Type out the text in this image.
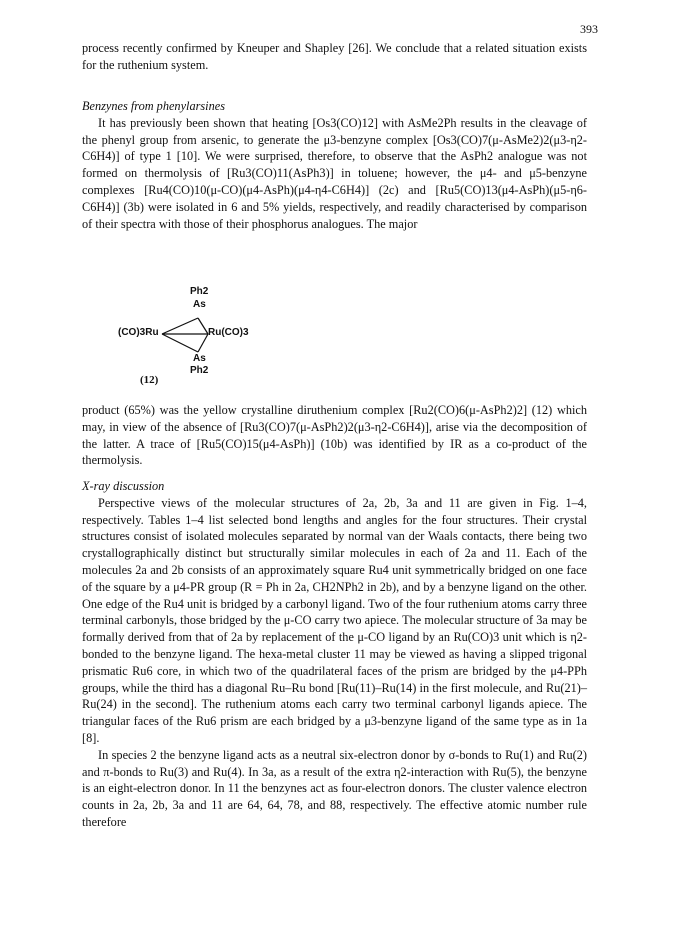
393

process recently confirmed by Kneuper and Shapley [26]. We conclude that a related situation exists for the ruthenium system.

Benzynes from phenylarsines

It has previously been shown that heating [Os3(CO)12] with AsMe2Ph results in the cleavage of the phenyl group from arsenic, to generate the μ3-benzyne complex [Os3(CO)7(μ-AsMe2)2(μ3-η2-C6H4)] of type 1 [10]. We were surprised, therefore, to observe that the AsPh2 analogue was not formed on thermolysis of [Ru3(CO)11(AsPh3)] in toluene; however, the μ4- and μ5-benzyne complexes [Ru4(CO)10(μ-CO)(μ4-AsPh)(μ4-η4-C6H4)] (2c) and [Ru5(CO)13(μ4-AsPh)(μ5-η6-C6H4)] (3b) were isolated in 6 and 5% yields, respectively, and readily characterised by comparison of their spectra with those of their phosphorus analogues. The major

Ph2
As
(CO)3Ru	Ru(CO)3
As
Ph2
(12)

product (65%) was the yellow crystalline diruthenium complex [Ru2(CO)6(μ-AsPh2)2] (12) which may, in view of the absence of [Ru3(CO)7(μ-AsPh2)2(μ3-η2-C6H4)], arise via the decomposition of the latter. A trace of [Ru5(CO)15(μ4-AsPh)] (10b) was identified by IR as a co-product of the thermolysis.

X-ray discussion

Perspective views of the molecular structures of 2a, 2b, 3a and 11 are given in Fig. 1–4, respectively. Tables 1–4 list selected bond lengths and angles for the four structures. Their crystal structures consist of isolated molecules separated by normal van der Waals contacts, there being two crystallographically distinct but structurally similar molecules in each of 2a and 11. Each of the molecules 2a and 2b consists of an approximately square Ru4 unit symmetrically bridged on one face of the square by a μ4-PR group (R = Ph in 2a, CH2NPh2 in 2b), and by a benzyne ligand on the other. One edge of the Ru4 unit is bridged by a carbonyl ligand. Two of the four ruthenium atoms carry three terminal carbonyls, those bridged by the μ-CO carry two apiece. The molecular structure of 3a may be formally derived from that of 2a by replacement of the μ-CO ligand by an Ru(CO)3 unit which is η2-bonded to the benzyne ligand. The hexa-metal cluster 11 may be viewed as having a slipped trigonal prismatic Ru6 core, in which two of the quadrilateral faces of the prism are bridged by the μ4-PPh groups, while the third has a diagonal Ru–Ru bond [Ru(11)–Ru(14) in the first molecule, and Ru(21)–Ru(24) in the second]. The ruthenium atoms each carry two terminal carbonyl ligands apiece. The triangular faces of the Ru6 prism are each bridged by a μ3-benzyne ligand of the same type as in 1a [8].

In species 2 the benzyne ligand acts as a neutral six-electron donor by σ-bonds to Ru(1) and Ru(2) and π-bonds to Ru(3) and Ru(4). In 3a, as a result of the extra η2-interaction with Ru(5), the benzyne is an eight-electron donor. In 11 the benzynes act as four-electron donors. The cluster valence electron counts in 2a, 2b, 3a and 11 are 64, 64, 78, and 88, respectively. The effective atomic number rule therefore
